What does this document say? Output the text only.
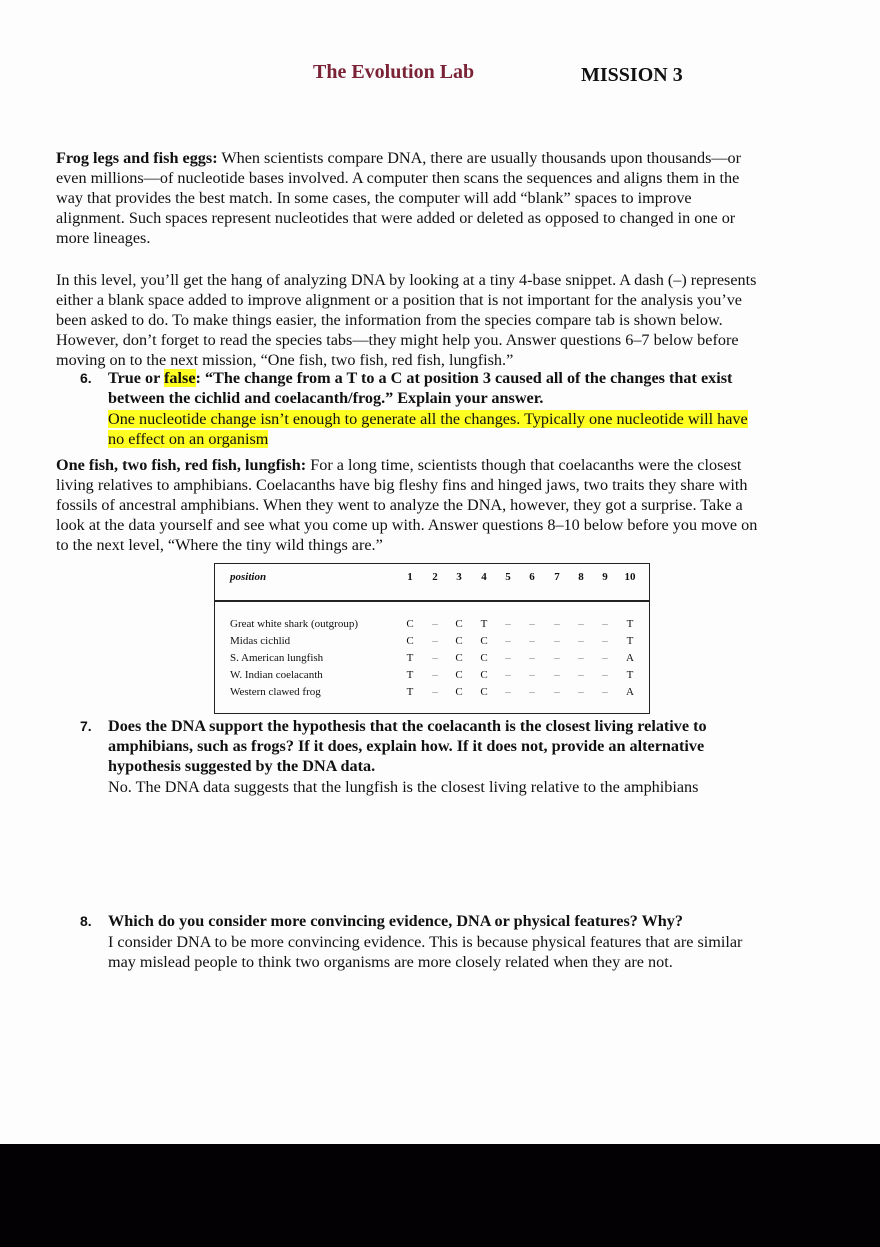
The Evolution Lab	MISSION 3
Frog legs and fish eggs: When scientists compare DNA, there are usually thousands upon thousands—or
even millions—of nucleotide bases involved. A computer then scans the sequences and aligns them in the
way that provides the best match. In some cases, the computer will add “blank” spaces to improve
alignment. Such spaces represent nucleotides that were added or deleted as opposed to changed in one or
more lineages.
In this level, you’ll get the hang of analyzing DNA by looking at a tiny 4-base snippet. A dash (–) represents
either a blank space added to improve alignment or a position that is not important for the analysis you’ve
been asked to do. To make things easier, the information from the species compare tab is shown below.
However, don’t forget to read the species tabs—they might help you. Answer questions 6–7 below before
moving on to the next mission, “One fish, two fish, red fish, lungfish.”
6. True or false: “The change from a T to a C at position 3 caused all of the changes that exist
between the cichlid and coelacanth/frog.” Explain your answer.
One nucleotide change isn’t enough to generate all the changes. Typically one nucleotide will have
no effect on an organism
One fish, two fish, red fish, lungfish: For a long time, scientists though that coelacanths were the closest
living relatives to amphibians. Coelacanths have big fleshy fins and hinged jaws, two traits they share with
fossils of ancestral amphibians. When they went to analyze the DNA, however, they got a surprise. Take a
look at the data yourself and see what you come up with. Answer questions 8–10 below before you move on
to the next level, “Where the tiny wild things are.”
position	1	2	3	4	5	6	7	8	9	10
Great white shark (outgroup)	C	–	C	T	–	–	–	–	–	T
Midas cichlid	C	–	C	C	–	–	–	–	–	T
S. American lungfish	T	–	C	C	–	–	–	–	–	A
W. Indian coelacanth	T	–	C	C	–	–	–	–	–	T
Western clawed frog	T	–	C	C	–	–	–	–	–	A
7. Does the DNA support the hypothesis that the coelacanth is the closest living relative to
amphibians, such as frogs? If it does, explain how. If it does not, provide an alternative
hypothesis suggested by the DNA data.
No. The DNA data suggests that the lungfish is the closest living relative to the amphibians
8. Which do you consider more convincing evidence, DNA or physical features? Why?
I consider DNA to be more convincing evidence. This is because physical features that are similar
may mislead people to think two organisms are more closely related when they are not.
